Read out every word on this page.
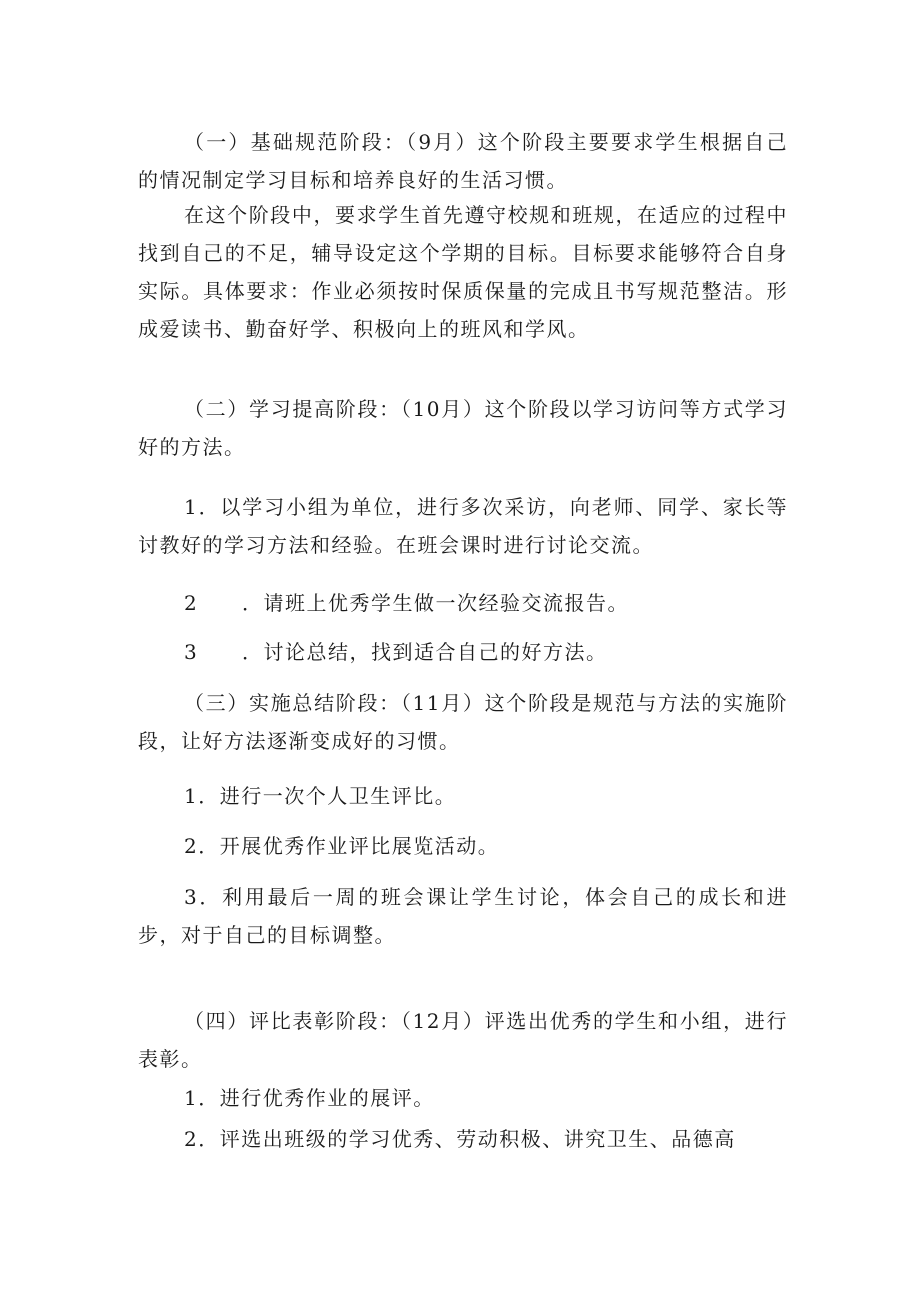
（一）基础规范阶段：（9月）这个阶段主要要求学生根据自己的情况制定学习目标和培养良好的生活习惯。
在这个阶段中，要求学生首先遵守校规和班规，在适应的过程中找到自己的不足，辅导设定这个学期的目标。目标要求能够符合自身实际。具体要求：作业必须按时保质保量的完成且书写规范整洁。形成爱读书、勤奋好学、积极向上的班风和学风。
（二）学习提高阶段：（10月）这个阶段以学习访问等方式学习好的方法。
1．以学习小组为单位，进行多次采访，向老师、同学、家长等讨教好的学习方法和经验。在班会课时进行讨论交流。
2 ．请班上优秀学生做一次经验交流报告。
3 ．讨论总结，找到适合自己的好方法。
（三）实施总结阶段：（11月）这个阶段是规范与方法的实施阶段，让好方法逐渐变成好的习惯。
1．进行一次个人卫生评比。
2．开展优秀作业评比展览活动。
3．利用最后一周的班会课让学生讨论，体会自己的成长和进步，对于自己的目标调整。
（四）评比表彰阶段：（12月）评选出优秀的学生和小组，进行表彰。
1．进行优秀作业的展评。
2．评选出班级的学习优秀、劳动积极、讲究卫生、品德高
